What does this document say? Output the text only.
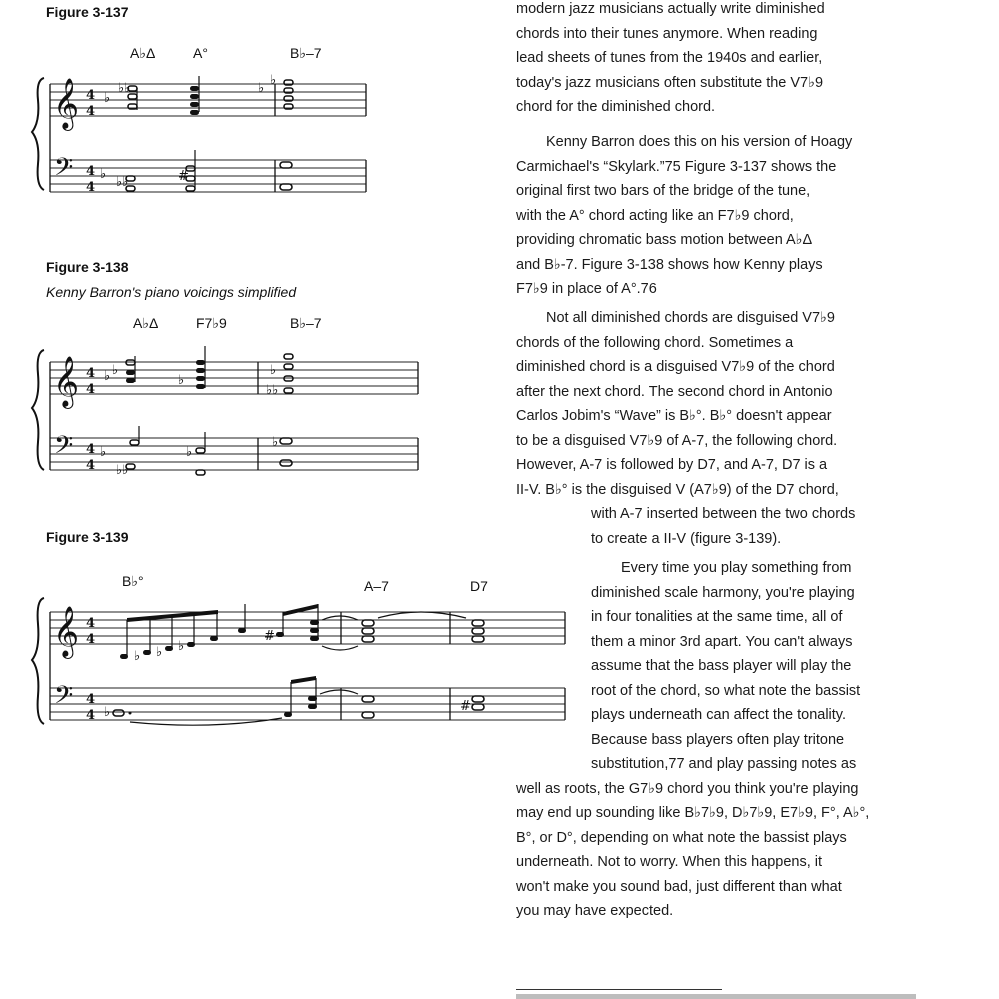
Figure 3-137
A♭Δ	A°	B♭–7
𝄞
𝄢
4
4
4
4
♭
♭
♭♭
♭♭	#
♭
♭
Figure 3-138
Kenny Barron's piano voicings simplified
A♭Δ	F7♭9	B♭–7
𝄞
𝄢
4
4
4
4
♭ ♭
♭
♭♭
♭
♭
♭
♭♭
♭
Figure 3-139
B♭°	A–7	D7
𝄞
𝄢
4
4
4
4
♭ ♭ ♭
#
♭	#

modern jazz musicians actually write diminished

chords into their tunes anymore. When reading

lead sheets of tunes from the 1940s and earlier,

today's jazz musicians often substitute the V7♭9

chord for the diminished chord.

Kenny Barron does this on his version of Hoagy

Carmichael's “Skylark.”75 Figure 3-137 shows the

original first two bars of the bridge of the tune,

with the A° chord acting like an F7♭9 chord,

providing chromatic bass motion between A♭Δ

and B♭-7. Figure 3-138 shows how Kenny plays

F7♭9 in place of A°.76

Not all diminished chords are disguised V7♭9

chords of the following chord. Sometimes a

diminished chord is a disguised V7♭9 of the chord

after the next chord. The second chord in Antonio

Carlos Jobim's “Wave” is B♭°. B♭° doesn't appear

to be a disguised V7♭9 of A-7, the following chord.

However, A-7 is followed by D7, and A-7, D7 is a

II-V. B♭° is the disguised V (A7♭9) of the D7 chord,

with A-7 inserted between the two chords

to create a II-V (figure 3-139).

Every time you play something from

diminished scale harmony, you're playing

in four tonalities at the same time, all of

them a minor 3rd apart. You can't always

assume that the bass player will play the

root of the chord, so what note the bassist

plays underneath can affect the tonality.

Because bass players often play tritone

substitution,77 and play passing notes as

well as roots, the G7♭9 chord you think you're playing

may end up sounding like B♭7♭9, D♭7♭9, E7♭9, F°, A♭°,

B°, or D°, depending on what note the bassist plays

underneath. Not to worry. When this happens, it

won't make you sound bad, just different than what

you may have expected.
